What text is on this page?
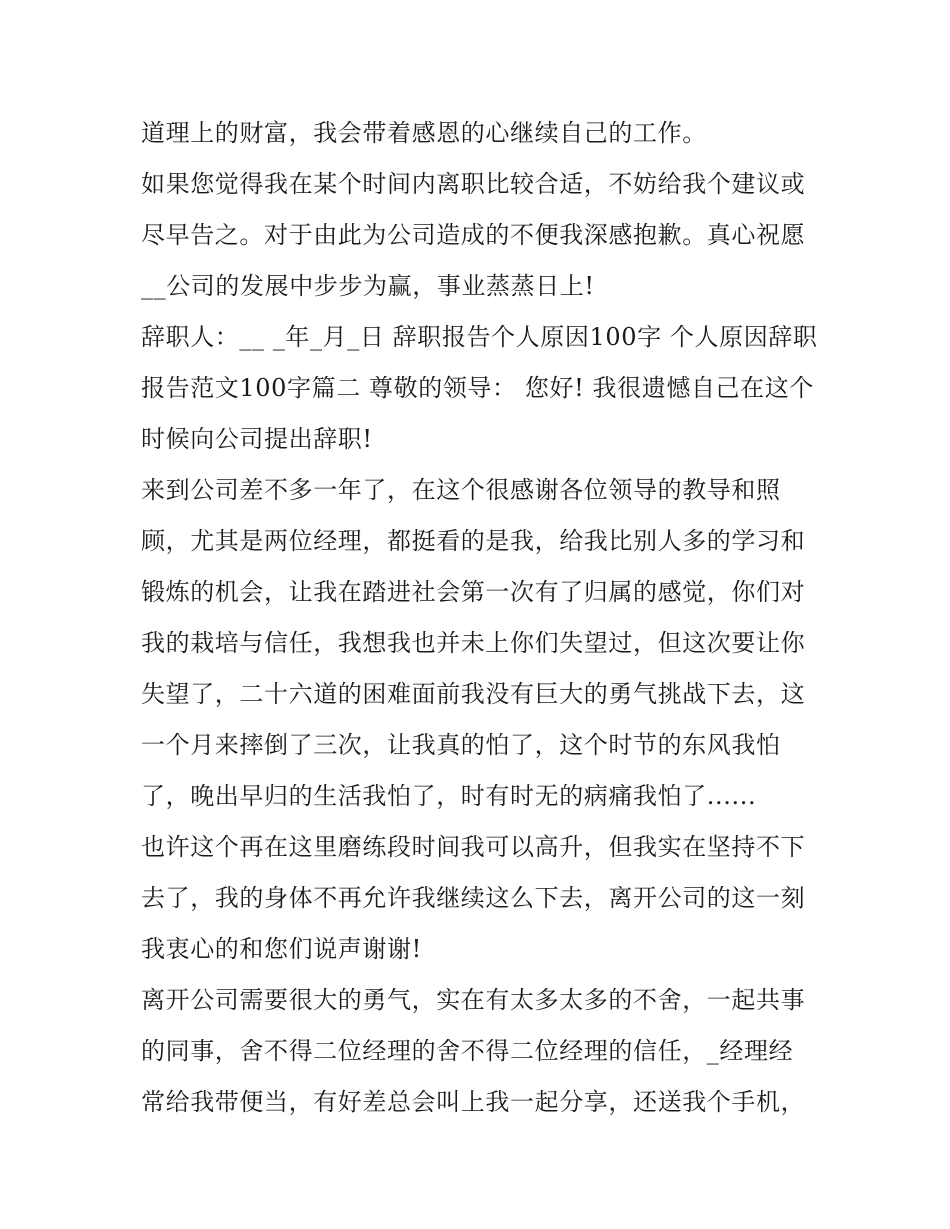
道理上的财富，我会带着感恩的心继续自己的工作。
如果您觉得我在某个时间内离职比较合适，不妨给我个建议或
尽早告之。对于由此为公司造成的不便我深感抱歉。真心祝愿
__公司的发展中步步为赢，事业蒸蒸日上!
辞职人：__ _年_月_日 辞职报告个人原因100字 个人原因辞职
报告范文100字篇二 尊敬的领导： 您好! 我很遗憾自己在这个
时候向公司提出辞职!
来到公司差不多一年了，在这个很感谢各位领导的教导和照
顾，尤其是两位经理，都挺看的是我，给我比别人多的学习和
锻炼的机会，让我在踏进社会第一次有了归属的感觉，你们对
我的栽培与信任，我想我也并未上你们失望过，但这次要让你
失望了，二十六道的困难面前我没有巨大的勇气挑战下去，这
一个月来摔倒了三次，让我真的怕了，这个时节的东风我怕
了，晚出早归的生活我怕了，时有时无的病痛我怕了......
也许这个再在这里磨练段时间我可以高升，但我实在坚持不下
去了，我的身体不再允许我继续这么下去，离开公司的这一刻
我衷心的和您们说声谢谢!
离开公司需要很大的勇气，实在有太多太多的不舍，一起共事
的同事，舍不得二位经理的舍不得二位经理的信任，_经理经
常给我带便当，有好差总会叫上我一起分享，还送我个手机，
